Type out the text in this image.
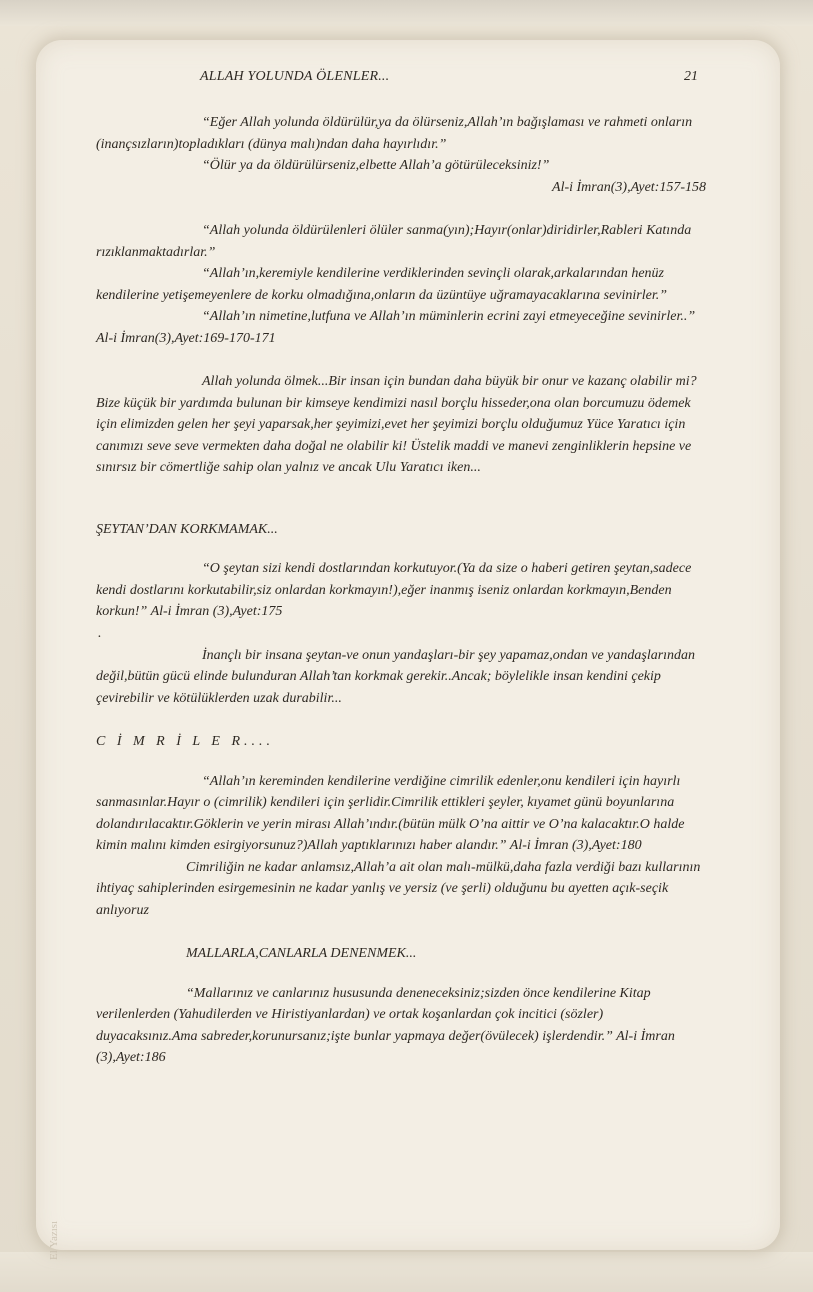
El Yazısı
ALLAH YOLUNDA ÖLENLER...	21

“Eğer Allah yolunda öldürülür,ya da ölürseniz,Allah’ın bağışlaması ve rahmeti onların (inançsızların)topladıkları (dünya malı)ndan daha hayırlıdır.”

“Ölür ya da öldürülürseniz,elbette Allah’a götürüleceksiniz!”

Al-i İmran(3),Ayet:157-158

“Allah yolunda öldürülenleri ölüler sanma(yın);Hayır(onlar)diridirler,Rableri Katında rızıklanmaktadırlar.”

“Allah’ın,keremiyle kendilerine verdiklerinden sevinçli olarak,arkalarından henüz kendilerine yetişemeyenlere de korku olmadığına,onların da üzüntüye uğramayacaklarına sevinirler.”

“Allah’ın nimetine,lutfuna ve Allah’ın müminlerin ecrini zayi etmeyeceğine sevinirler..” Al-i İmran(3),Ayet:169-170-171

Allah yolunda ölmek...Bir insan için bundan daha büyük bir onur ve kazanç olabilir mi?Bize küçük bir yardımda bulunan bir kimseye kendimizi nasıl borçlu hisseder,ona olan borcumuzu ödemek için elimizden gelen her şeyi yaparsak,her şeyimizi,evet her şeyimizi borçlu olduğumuz Yüce Yaratıcı için canımızı seve seve vermekten daha doğal ne olabilir ki! Üstelik maddi ve manevi zenginliklerin hepsine ve sınırsız bir cömertliğe sahip olan yalnız ve ancak Ulu Yaratıcı iken...

ŞEYTAN’DAN KORKMAMAK...

“O şeytan sizi kendi dostlarından korkutuyor.(Ya da size o haberi getiren şeytan,sadece kendi dostlarını korkutabilir,siz onlardan korkmayın!),eğer inanmış iseniz onlardan korkmayın,Benden korkun!” Al-i İmran (3),Ayet:175

.

İnançlı bir insana şeytan-ve onun yandaşları-bir şey yapamaz,ondan ve yandaşlarından değil,bütün gücü elinde bulunduran Allah’tan korkmak gerekir..Ancak; böylelikle insan kendini çekip çevirebilir ve kötülüklerden uzak durabilir...

C İ M R İ L E R....

“Allah’ın kereminden kendilerine verdiğine cimrilik edenler,onu kendileri için hayırlı sanmasınlar.Hayır o (cimrilik) kendileri için şerlidir.Cimrilik ettikleri şeyler, kıyamet günü boyunlarına dolandırılacaktır.Göklerin ve yerin mirası Allah’ındır.(bütün mülk O’na aittir ve O’na kalacaktır.O halde kimin malını kimden esirgiyorsunuz?)Allah yaptıklarınızı haber alandır.” Al-i İmran (3),Ayet:180

Cimriliğin ne kadar anlamsız,Allah’a ait olan malı-mülkü,daha fazla verdiği bazı kullarının ihtiyaç sahiplerinden esirgemesinin ne kadar yanlış ve yersiz (ve şerli) olduğunu bu ayetten açık-seçik anlıyoruz

MALLARLA,CANLARLA DENENMEK...

“Mallarınız ve canlarınız hususunda deneneceksiniz;sizden önce kendilerine Kitap verilenlerden (Yahudilerden ve Hiristiyanlardan) ve ortak koşanlardan çok incitici (sözler) duyacaksınız.Ama sabreder,korunursanız;işte bunlar yapmaya değer(övülecek) işlerdendir.” Al-i İmran (3),Ayet:186
